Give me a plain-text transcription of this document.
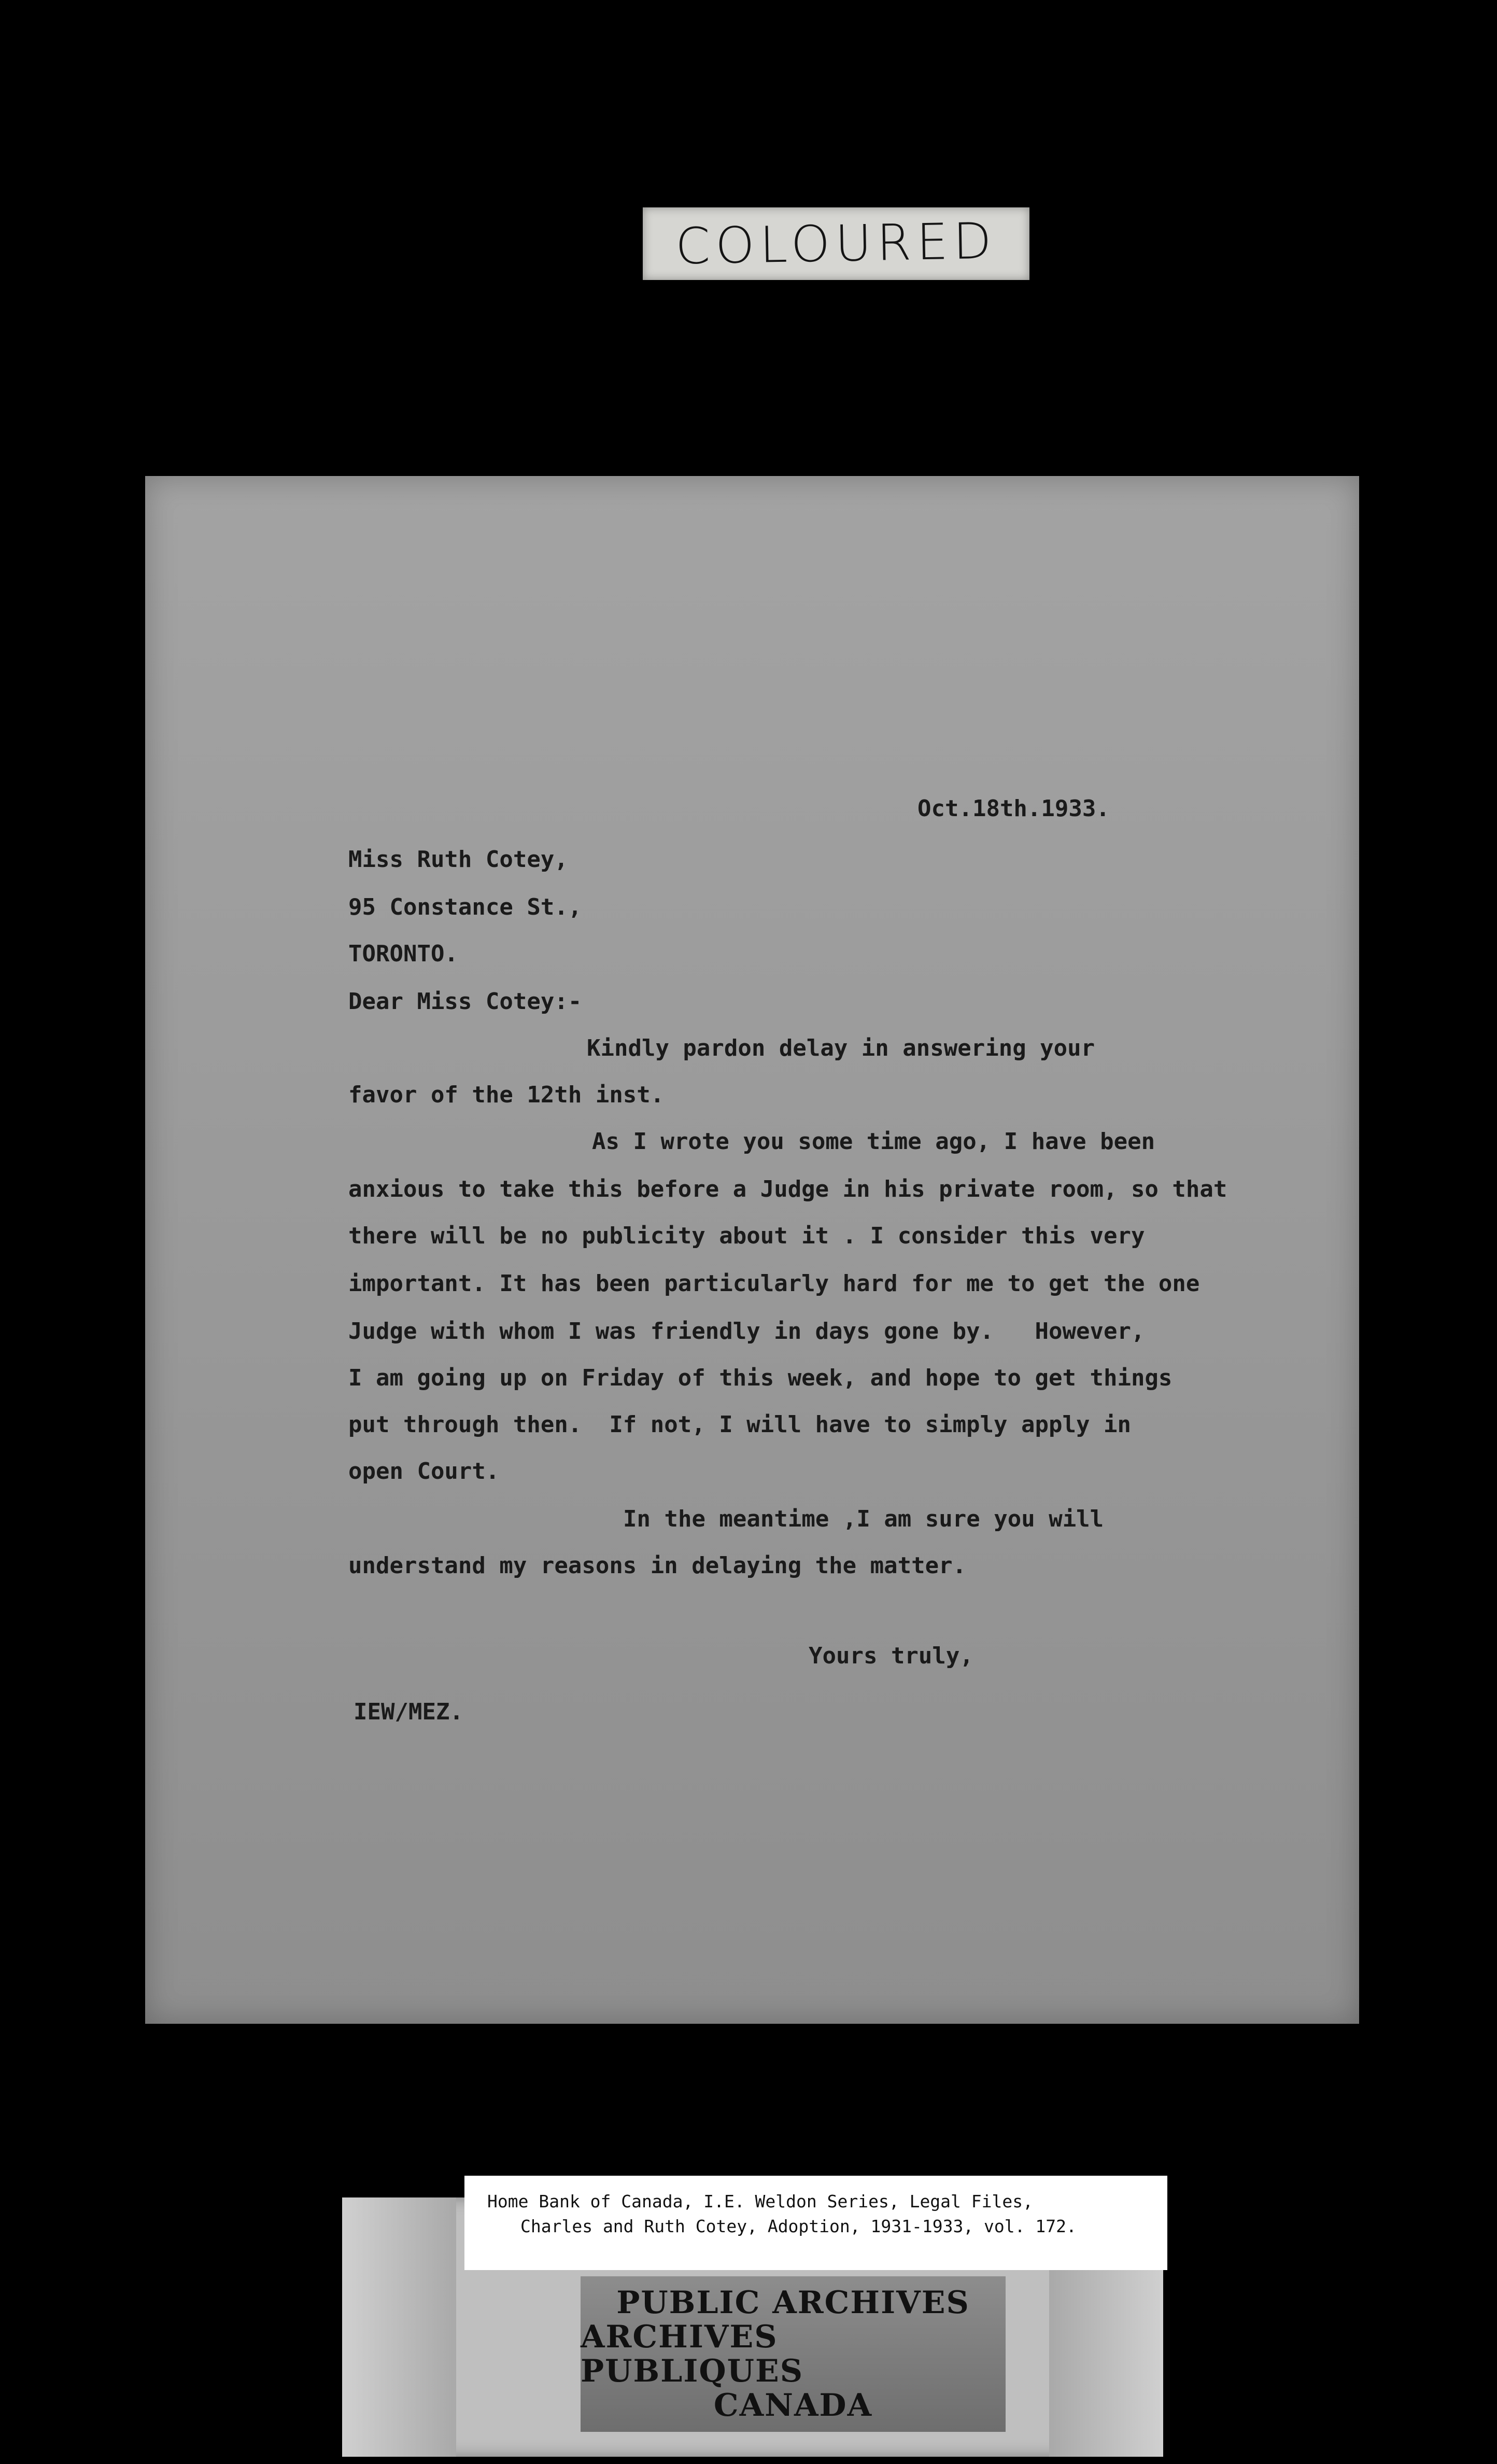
COLOURED
Oct.18th.1933.
Miss Ruth Cotey,
95 Constance St.,
TORONTO.
Dear Miss Cotey:-
Kindly pardon delay in answering your
favor of the 12th inst.
As I wrote you some time ago, I have been
anxious to take this before a Judge in his private room, so that
there will be no publicity about it . I consider this very
important. It has been particularly hard for me to get the one
Judge with whom I was friendly in days gone by.   However,
I am going up on Friday of this week, and hope to get things
put through then.  If not, I will have to simply apply in
open Court.
In the meantime ,I am sure you will
understand my reasons in delaying the matter.
Yours truly,
IEW/MEZ.
Home Bank of Canada, I.E. Weldon Series, Legal Files,
Charles and Ruth Cotey, Adoption, 1931-1933, vol. 172.
PUBLIC ARCHIVES
ARCHIVES PUBLIQUES
CANADA
